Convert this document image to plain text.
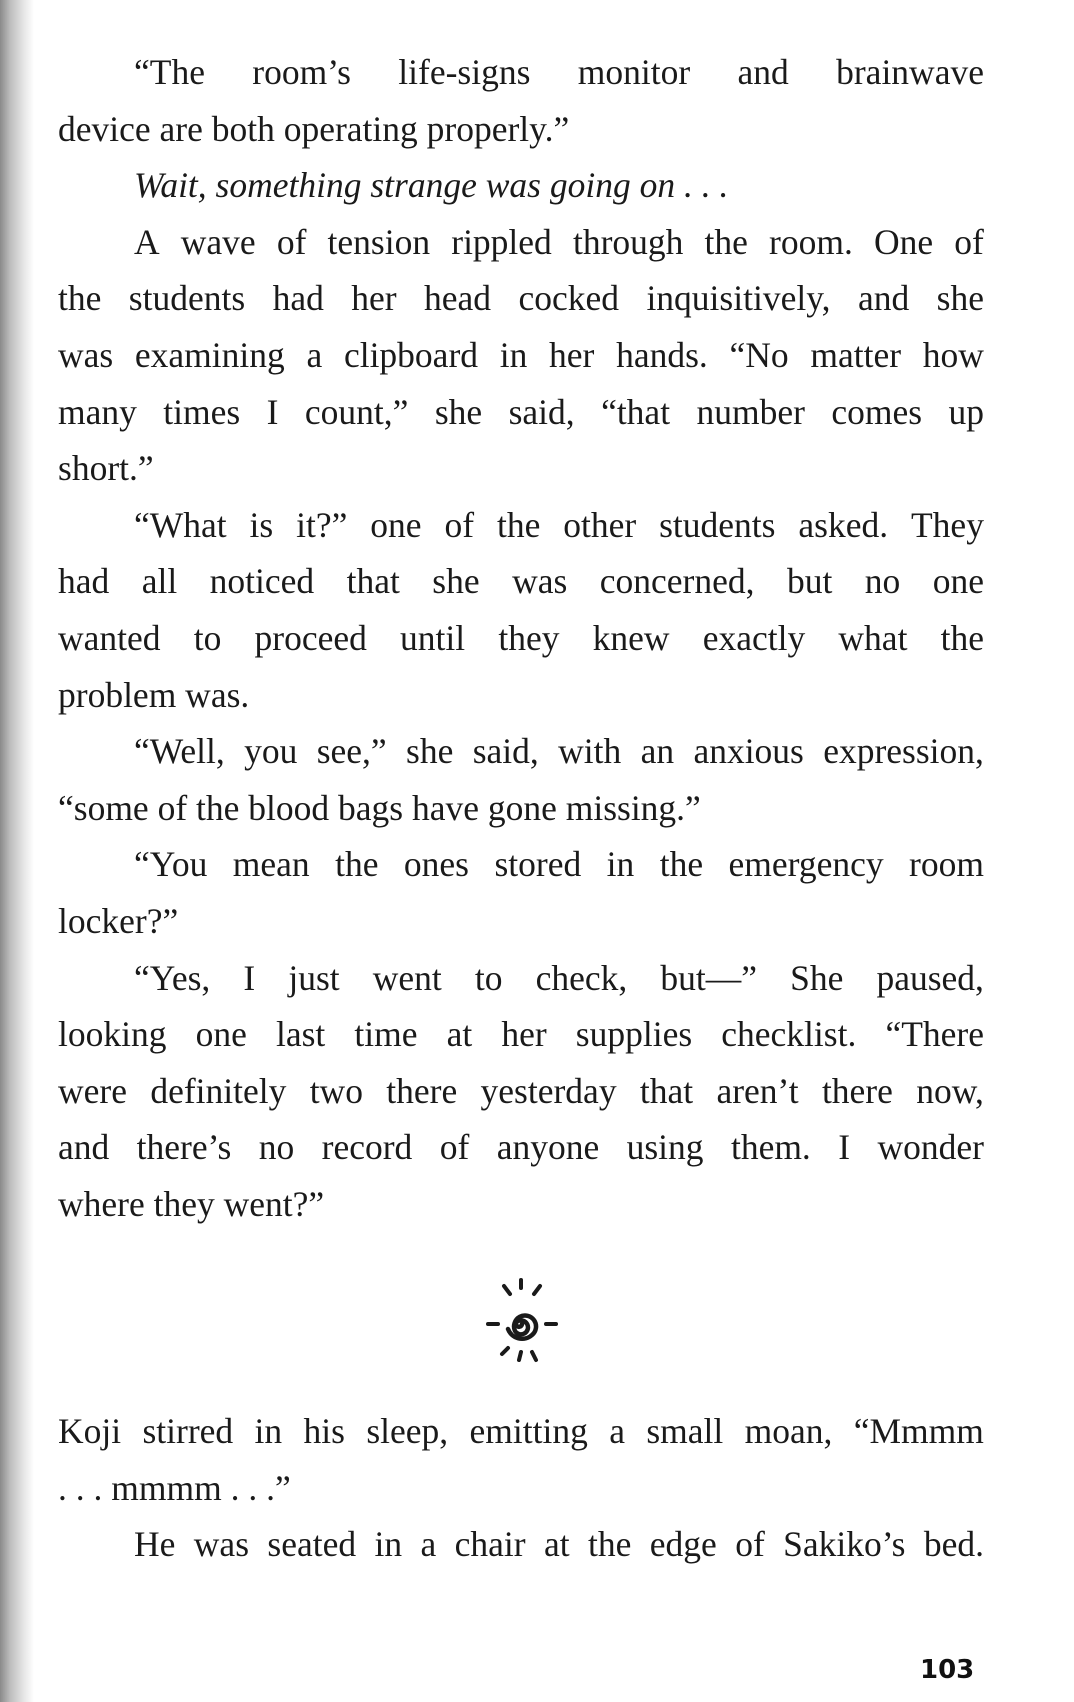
“The room’s life-signs monitor and brainwave
device are both operating properly.”
Wait, something strange was going on . . .
A wave of tension rippled through the room. One of
the students had her head cocked inquisitively, and she
was examining a clipboard in her hands. “No matter how
many times I count,” she said, “that number comes up
short.”
“What is it?” one of the other students asked. They
had all noticed that she was concerned, but no one
wanted to proceed until they knew exactly what the
problem was.
“Well, you see,” she said, with an anxious expression,
“some of the blood bags have gone missing.”
“You mean the ones stored in the emergency room
locker?”
“Yes, I just went to check, but—” She paused,
looking one last time at her supplies checklist. “There
were definitely two there yesterday that aren’t there now,
and there’s no record of anyone using them. I wonder
where they went?”
Koji stirred in his sleep, emitting a small moan, “Mmmm
. . . mmmm . . .”
He was seated in a chair at the edge of Sakiko’s bed.
103
